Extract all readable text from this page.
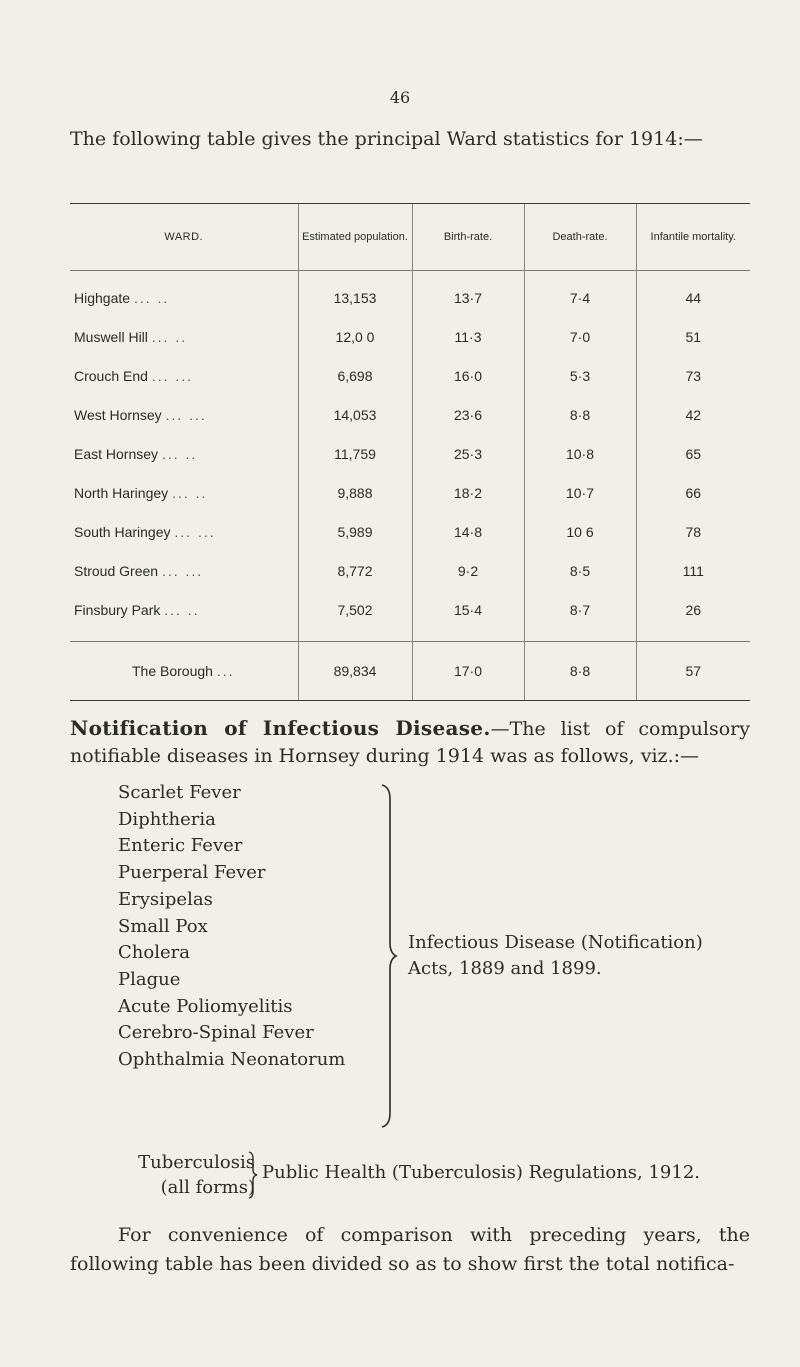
46

The following table gives the principal Ward statistics for 1914:—

WARD.	Estimated population.	Birth-rate.	Death-rate.	Infantile mortality.
Highgate ... ..	13,153	13·7	7·4	44
Muswell Hill ... ..	12,0 0	11·3	7·0	51
Crouch End ... ...	6,698	16·0	5·3	73
West Hornsey ... ...	14,053	23·6	8·8	42
East Hornsey ... ..	11,759	25·3	10·8	65
North Haringey ... ..	9,888	18·2	10·7	66
South Haringey ... ...	5,989	14·8	10 6	78
Stroud Green ... ...	8,772	9·2	8·5	111
Finsbury Park ... ..	7,502	15·4	8·7	26

The Borough ...	89,834	17·0	8·8	57

Notification of Infectious Disease.—The list of compulsory notifiable diseases in Hornsey during 1914 was as follows, viz.:—

Scarlet Fever
Diphtheria
Enteric Fever
Puerperal Fever
Erysipelas
Small Pox
Cholera
Plague
Acute Poliomyelitis
Cerebro-Spinal Fever
Ophthalmia Neonatorum
Infectious Disease (Notification)
Acts, 1889 and 1899.
Tuberculosis
(all forms)
Public Health (Tuberculosis) Regulations, 1912.

For convenience of comparison with preceding years, the following table has been divided so as to show first the total notifica-
